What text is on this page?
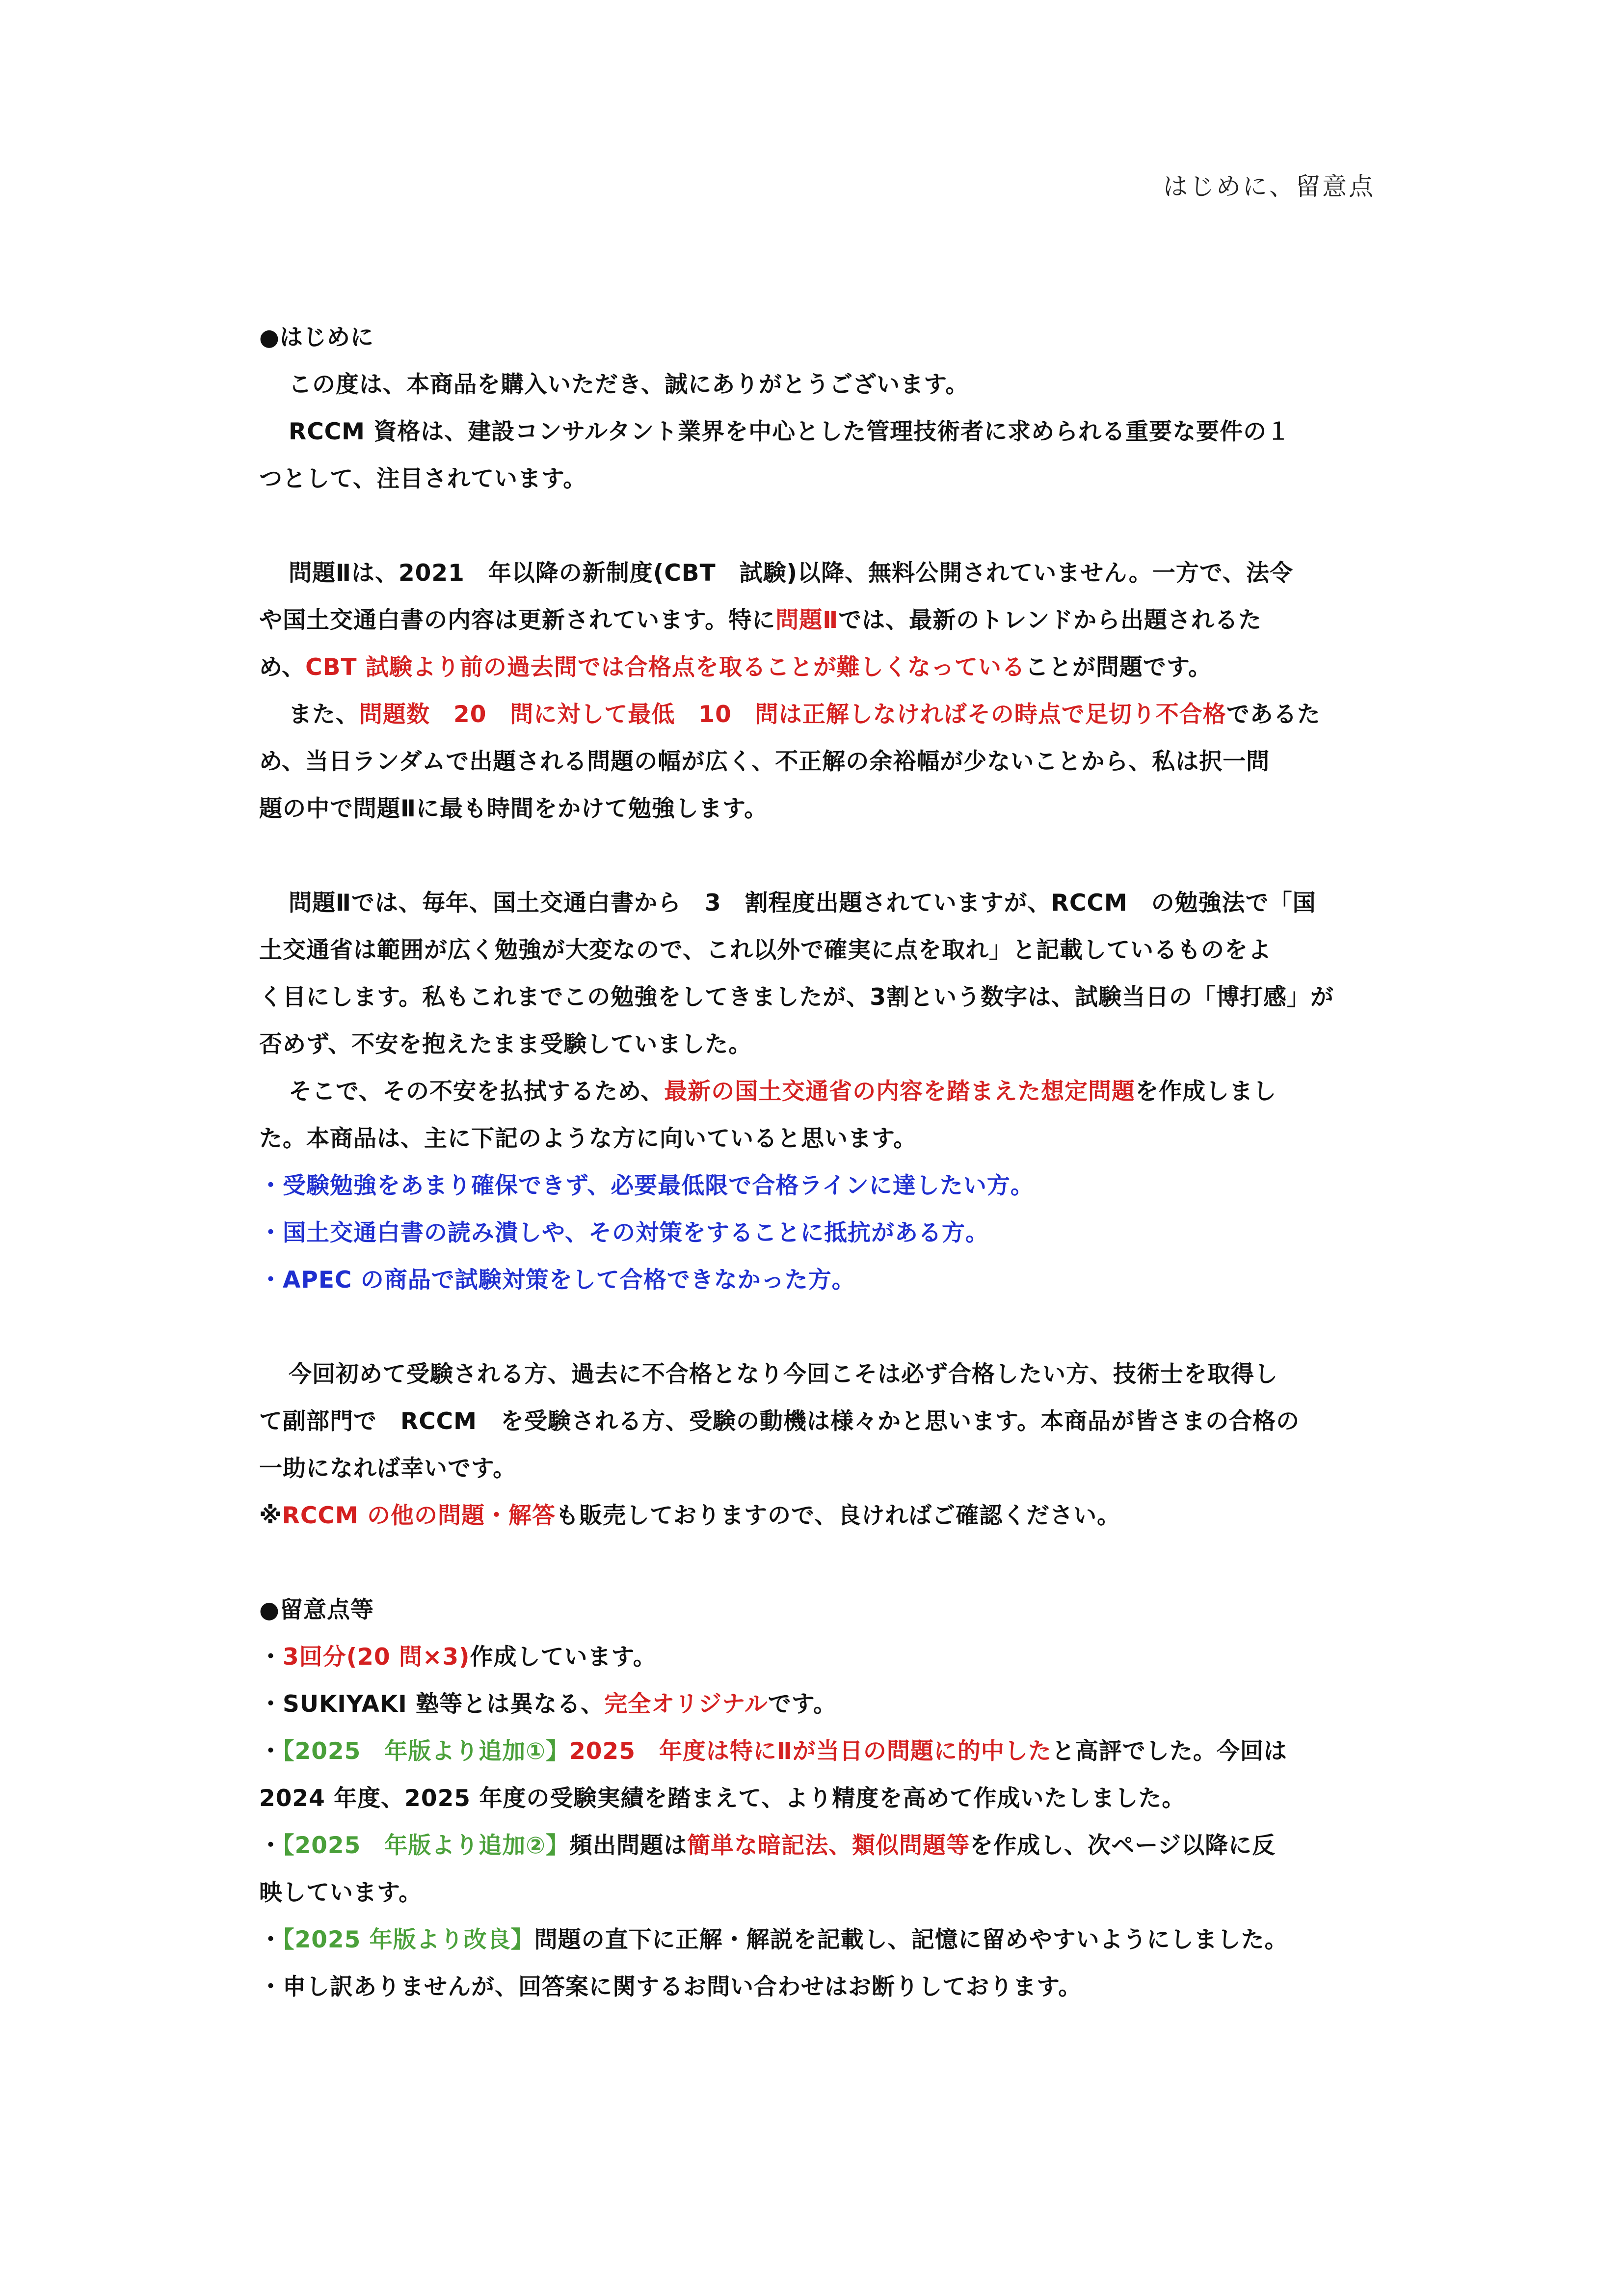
はじめに、留意点
●はじめに
この度は、本商品を購入いただき、誠にありがとうございます。
RCCM 資格は、建設コンサルタント業界を中心とした管理技術者に求められる重要な要件の１
つとして、注目されています。
問題Ⅱは、2021　年以降の新制度(CBT　試験)以降、無料公開されていません。一方で、法令
や国土交通白書の内容は更新されています。特に問題Ⅱでは、最新のトレンドから出題されるた
め、CBT 試験より前の過去問では合格点を取ることが難しくなっていることが問題です。
また、問題数　20　問に対して最低　10　問は正解しなければその時点で足切り不合格であるた
め、当日ランダムで出題される問題の幅が広く、不正解の余裕幅が少ないことから、私は択一問
題の中で問題Ⅱに最も時間をかけて勉強します。
問題Ⅱでは、毎年、国土交通白書から　3　割程度出題されていますが、RCCM　の勉強法で「国
土交通省は範囲が広く勉強が大変なので、これ以外で確実に点を取れ」と記載しているものをよ
く目にします。私もこれまでこの勉強をしてきましたが、3割という数字は、試験当日の「博打感」が
否めず、不安を抱えたまま受験していました。
そこで、その不安を払拭するため、最新の国土交通省の内容を踏まえた想定問題を作成しまし
た。本商品は、主に下記のような方に向いていると思います。
・受験勉強をあまり確保できず、必要最低限で合格ラインに達したい方。
・国土交通白書の読み潰しや、その対策をすることに抵抗がある方。
・APEC の商品で試験対策をして合格できなかった方。
今回初めて受験される方、過去に不合格となり今回こそは必ず合格したい方、技術士を取得し
て副部門で　RCCM　を受験される方、受験の動機は様々かと思います。本商品が皆さまの合格の
一助になれば幸いです。
※RCCM の他の問題・解答も販売しておりますので、良ければご確認ください。
●留意点等
・3回分(20 問×3)作成しています。
・SUKIYAKI 塾等とは異なる、完全オリジナルです。
・【2025　年版より追加①】2025　年度は特にⅡが当日の問題に的中したと高評でした。今回は
2024 年度、2025 年度の受験実績を踏まえて、より精度を高めて作成いたしました。
・【2025　年版より追加②】頻出問題は簡単な暗記法、類似問題等を作成し、次ページ以降に反
映しています。
・【2025 年版より改良】問題の直下に正解・解説を記載し、記憶に留めやすいようにしました。
・申し訳ありませんが、回答案に関するお問い合わせはお断りしております。
